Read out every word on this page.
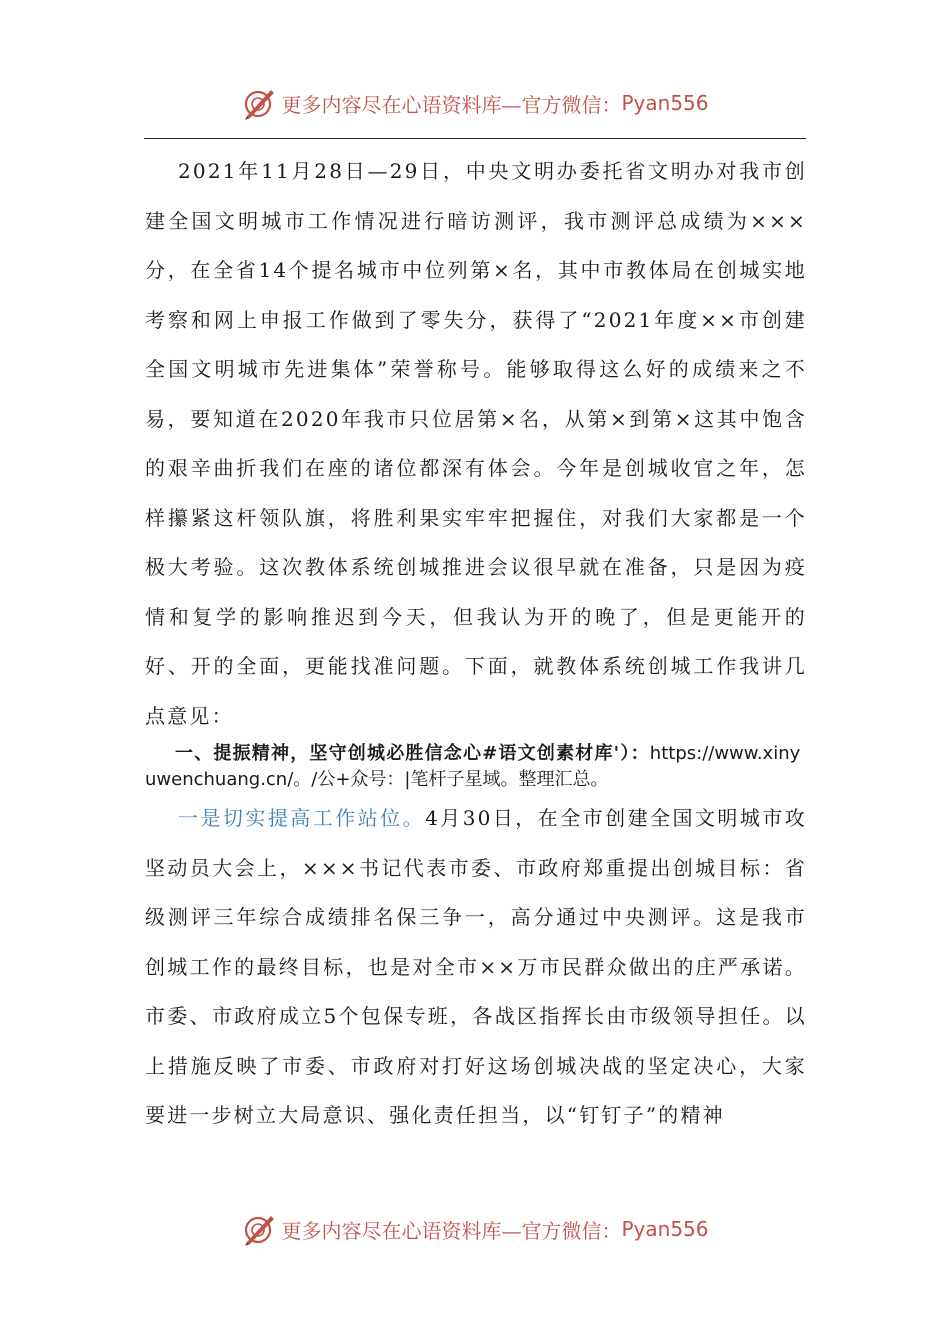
更多内容尽在心语资料库—官方微信： Pyan556
2021年11月28日—29日，中央文明办委托省文明办对我市创建全国文明城市工作情况进行暗访测评，我市测评总成绩为×××分，在全省14个提名城市中位列第×名，其中市教体局在创城实地考察和网上申报工作做到了零失分，获得了“2021年度××市创建全国文明城市先进集体”荣誉称号。能够取得这么好的成绩来之不易，要知道在2020年我市只位居第×名，从第×到第×这其中饱含的艰辛曲折我们在座的诸位都深有体会。今年是创城收官之年，怎样攥紧这杆领队旗，将胜利果实牢牢把握住，对我们大家都是一个极大考验。这次教体系统创城推进会议很早就在准备，只是因为疫情和复学的影响推迟到今天，但我认为开的晚了，但是更能开的好、开的全面，更能找准问题。下面，就教体系统创城工作我讲几点意见：
一、提振精神，坚守创城必胜信念心#语文创素材库'）：https://www.xinyuwenchuang.cn/。/公+众号：|笔杆子星域。整理汇总。
一是切实提高工作站位。4月30日，在全市创建全国文明城市攻坚动员大会上，×××书记代表市委、市政府郑重提出创城目标：省级测评三年综合成绩排名保三争一，高分通过中央测评。这是我市创城工作的最终目标，也是对全市××万市民群众做出的庄严承诺。市委、市政府成立5个包保专班，各战区指挥长由市级领导担任。以上措施反映了市委、市政府对打好这场创城决战的坚定决心，大家要进一步树立大局意识、强化责任担当，以“钉钉子”的精神
更多内容尽在心语资料库—官方微信： Pyan556
